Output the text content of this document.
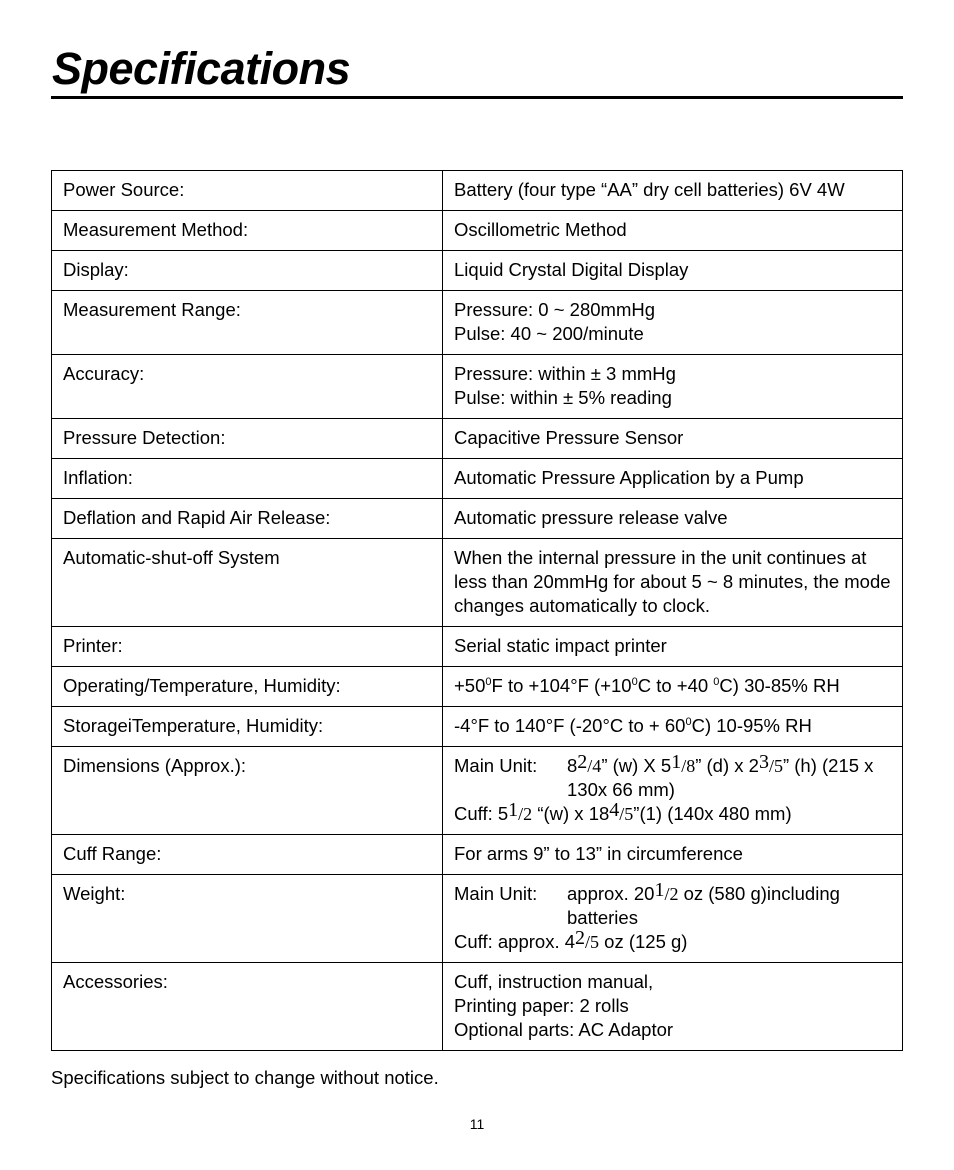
Specifications
Power Source:	Battery (four type “AA” dry cell batteries) 6V 4W
Measurement Method:	Oscillometric Method
Display:	Liquid Crystal Digital Display
Measurement Range:	Pressure: 0 ~ 280mmHg
Pulse: 40 ~ 200/minute

Accuracy:	Pressure: within ± 3 mmHg
Pulse: within ± 5% reading

Pressure Detection:	Capacitive Pressure Sensor
Inflation:	Automatic Pressure Application by a Pump
Deflation and Rapid Air Release:	Automatic pressure release valve
Automatic-shut-off System	When the internal pressure in the unit continues at less than 20mmHg for about 5 ~ 8 minutes, the mode changes automatically to clock.

Printer:	Serial static impact printer
Operating/Temperature, Humidity:	$+50^0F$ to +104°F ($+10^0C$ to +40 $^0$C) 30-85% RH

StorageiTemperature, Humidity:	-4°F to 140°F (-20°C to + $60^0C$) 10-95% RH

Dimensions (Approx.):	Main Unit: $8^2/4$” (w) X $5^1/8$” (d) x $2^3/5$” (h) (215 x 130x 66 mm)
Cuff: $5^1/2$ “(w) x $18^4/5”(1)$ (140x 480 mm)

Cuff Range:	For arms 9” to 13” in circumference
Weight:	Main Unit: approx. $20^1/2$ oz (580 g)including batteries
Cuff: approx. $4^2/5$ oz (125 g)

Accessories:	Cuff, instruction manual,
Printing paper: 2 rolls
Optional parts: AC Adaptor
Specifications subject to change without notice.
11
